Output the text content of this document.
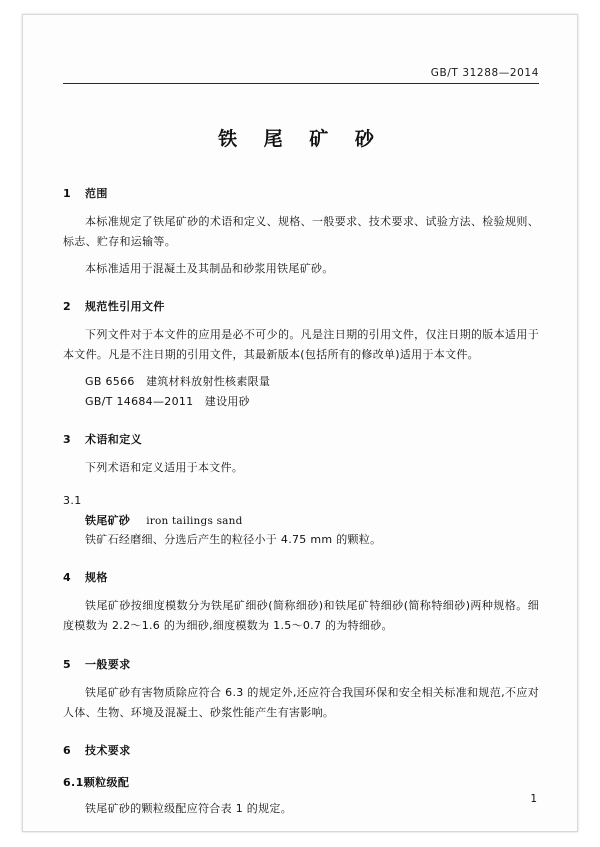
GB/T 31288—2014
铁 尾 矿 砂
1 范围

本标准规定了铁尾矿砂的术语和定义、规格、一般要求、技术要求、试验方法、检验规则、标志、贮存和运输等。

本标准适用于混凝土及其制品和砂浆用铁尾矿砂。

2 规范性引用文件

下列文件对于本文件的应用是必不可少的。凡是注日期的引用文件，仅注日期的版本适用于本文件。凡是不注日期的引用文件，其最新版本(包括所有的修改单)适用于本文件。

GB 6566　建筑材料放射性核素限量

GB/T 14684—2011　建设用砂

3 术语和定义

下列术语和定义适用于本文件。

3.1

铁尾矿砂 iron tailings sand

铁矿石经磨细、分选后产生的粒径小于 4.75 mm 的颗粒。

4 规格

铁尾矿砂按细度模数分为铁尾矿细砂(简称细砂)和铁尾矿特细砂(简称特细砂)两种规格。细度模数为 2.2～1.6 的为细砂,细度模数为 1.5～0.7 的为特细砂。

5 一般要求

铁尾矿砂有害物质除应符合 6.3 的规定外,还应符合我国环保和安全相关标准和规范,不应对人体、生物、环境及混凝土、砂浆性能产生有害影响。

6 技术要求
6.1颗粒级配

铁尾矿砂的颗粒级配应符合表 1 的规定。

1
